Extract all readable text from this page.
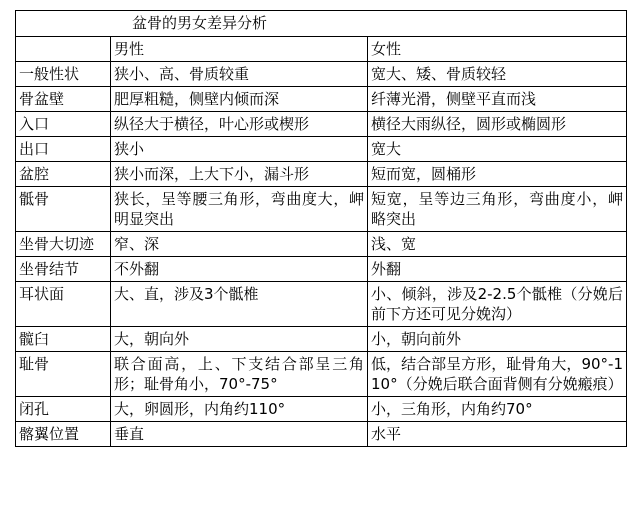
盆骨的男女差异分析		
	男性	女性
一般性状	狭小、高、骨质较重	宽大、矮、骨质较轻
骨盆壁	肥厚粗糙，侧壁内倾而深	纤薄光滑，侧壁平直而浅
入口	纵径大于横径，叶心形或楔形	横径大雨纵径，圆形或椭圆形
出口	狭小	宽大
盆腔	狭小而深，上大下小，漏斗形	短而宽，圆桶形
骶骨	狭长，呈等腰三角形，弯曲度大，岬明显突出	短宽，呈等边三角形，弯曲度小，岬略突出
坐骨大切迹	窄、深	浅、宽
坐骨结节	不外翻	外翻
耳状面	大、直，涉及3个骶椎	小、倾斜，涉及2-2.5个骶椎（分娩后前下方还可见分娩沟）
髋臼	大，朝向外	小，朝向前外
耻骨	联合面高，上、下支结合部呈三角形；耻骨角小，70°-75°	低，结合部呈方形，耻骨角大，90°-110°（分娩后联合面背侧有分娩瘢痕）
闭孔	大，卵圆形，内角约110°	小，三角形，内角约70°
髂翼位置	垂直	水平
